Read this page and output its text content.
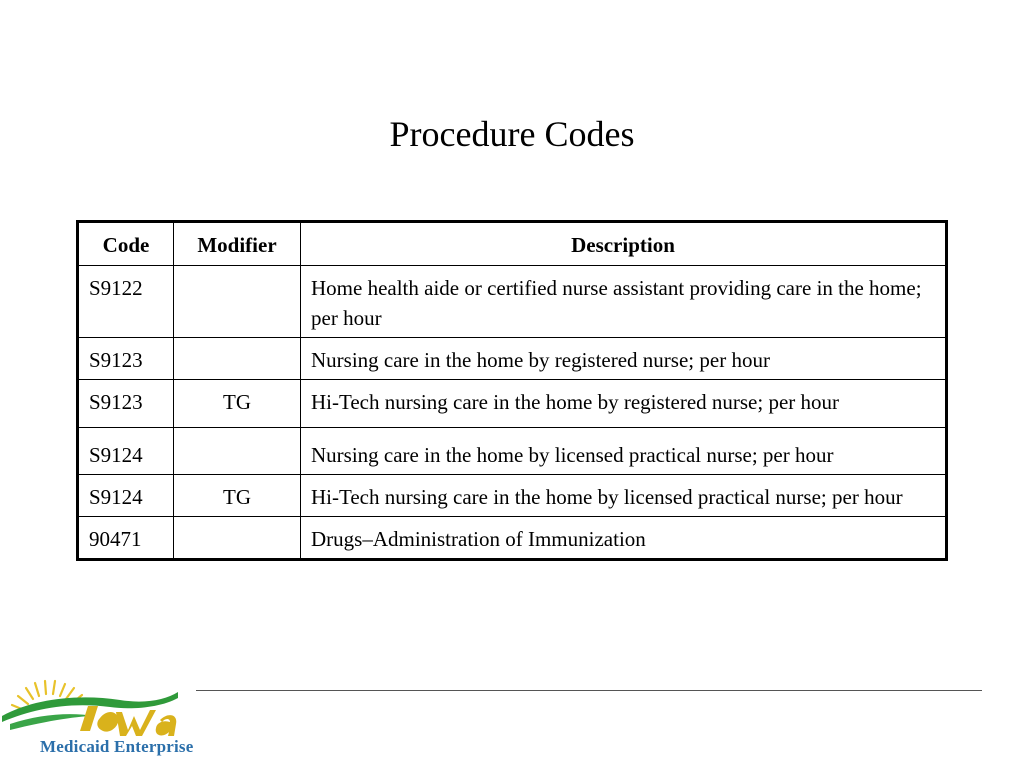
Procedure Codes
Code	Modifier	Description
S9122		Home health aide or certified nurse assistant providing care in the home; per hour
S9123		Nursing care in the home by registered nurse; per hour
S9123	TG	Hi-Tech nursing care in the home by registered nurse; per hour
S9124		Nursing care in the home by licensed practical nurse; per hour
S9124	TG	Hi-Tech nursing care in the home by licensed practical nurse; per hour
90471		Drugs–Administration of Immunization
Medicaid Enterprise
